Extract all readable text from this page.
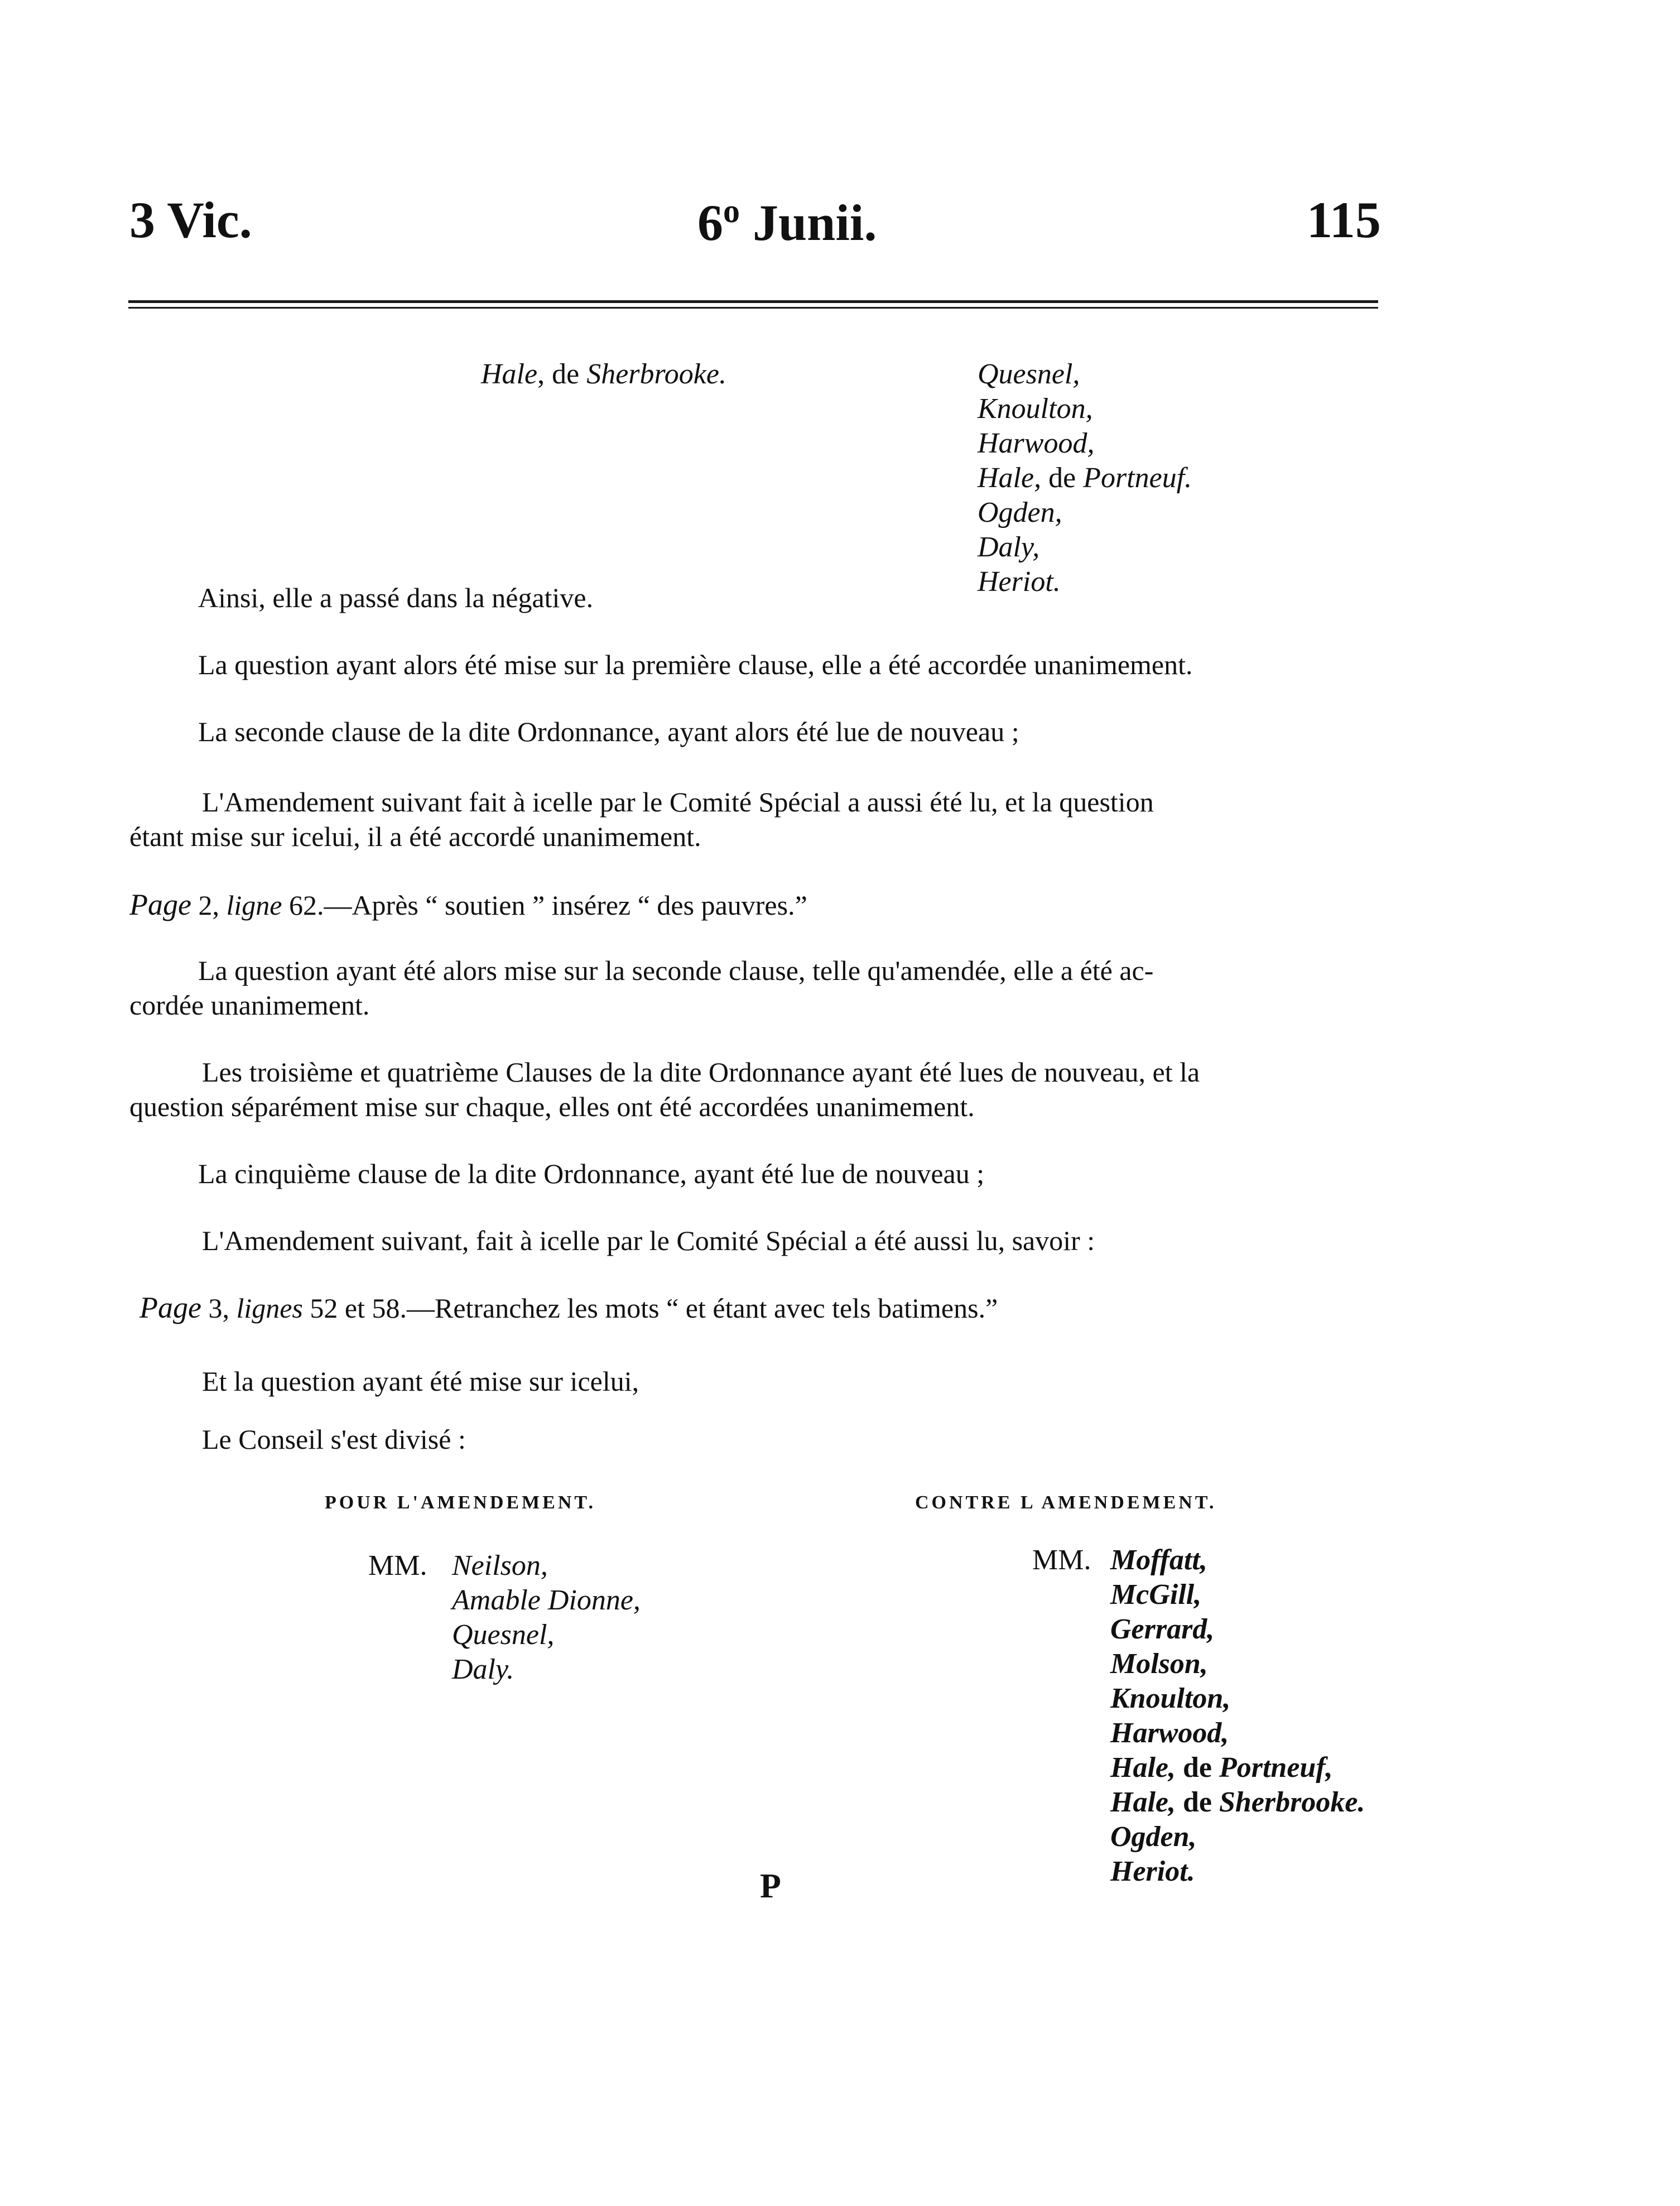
3 Vic.	6$^o$ Junii.	115
Hale, de Sherbrooke.	Quesnel,
Knoulton,
Harwood,
Hale, de Portneuf.
Ogden,
Daly,
Heriot.
Ainsi, elle a passé dans la négative.
La question ayant alors été mise sur la première clause, elle a été accordée unanimement.
La seconde clause de la dite Ordonnance, ayant alors été lue de nouveau ;
L'Amendement suivant fait à icelle par le Comité Spécial a aussi été lu, et la question
étant mise sur icelui, il a été accordé unanimement.
Page 2, ligne 62.—Après “ soutien ” insérez “ des pauvres.”
La question ayant été alors mise sur la seconde clause, telle qu'amendée, elle a été ac-
cordée unanimement.
Les troisième et quatrième Clauses de la dite Ordonnance ayant été lues de nouveau, et la
question séparément mise sur chaque, elles ont été accordées unanimement.
La cinquième clause de la dite Ordonnance, ayant été lue de nouveau ;
L'Amendement suivant, fait à icelle par le Comité Spécial a été aussi lu, savoir :
Page 3, lignes 52 et 58.—Retranchez les mots “ et étant avec tels batimens.”
Et la question ayant été mise sur icelui,
Le Conseil s'est divisé :
POUR L'AMENDEMENT.	CONTRE L AMENDEMENT.
MM. Neilson,
Amable Dionne,
Quesnel,
Daly.
MM. Moffatt,
McGill,
Gerrard,
Molson,
Knoulton,
Harwood,
Hale, de Portneuf,
Hale, de Sherbrooke.
Ogden,
Heriot.
P
